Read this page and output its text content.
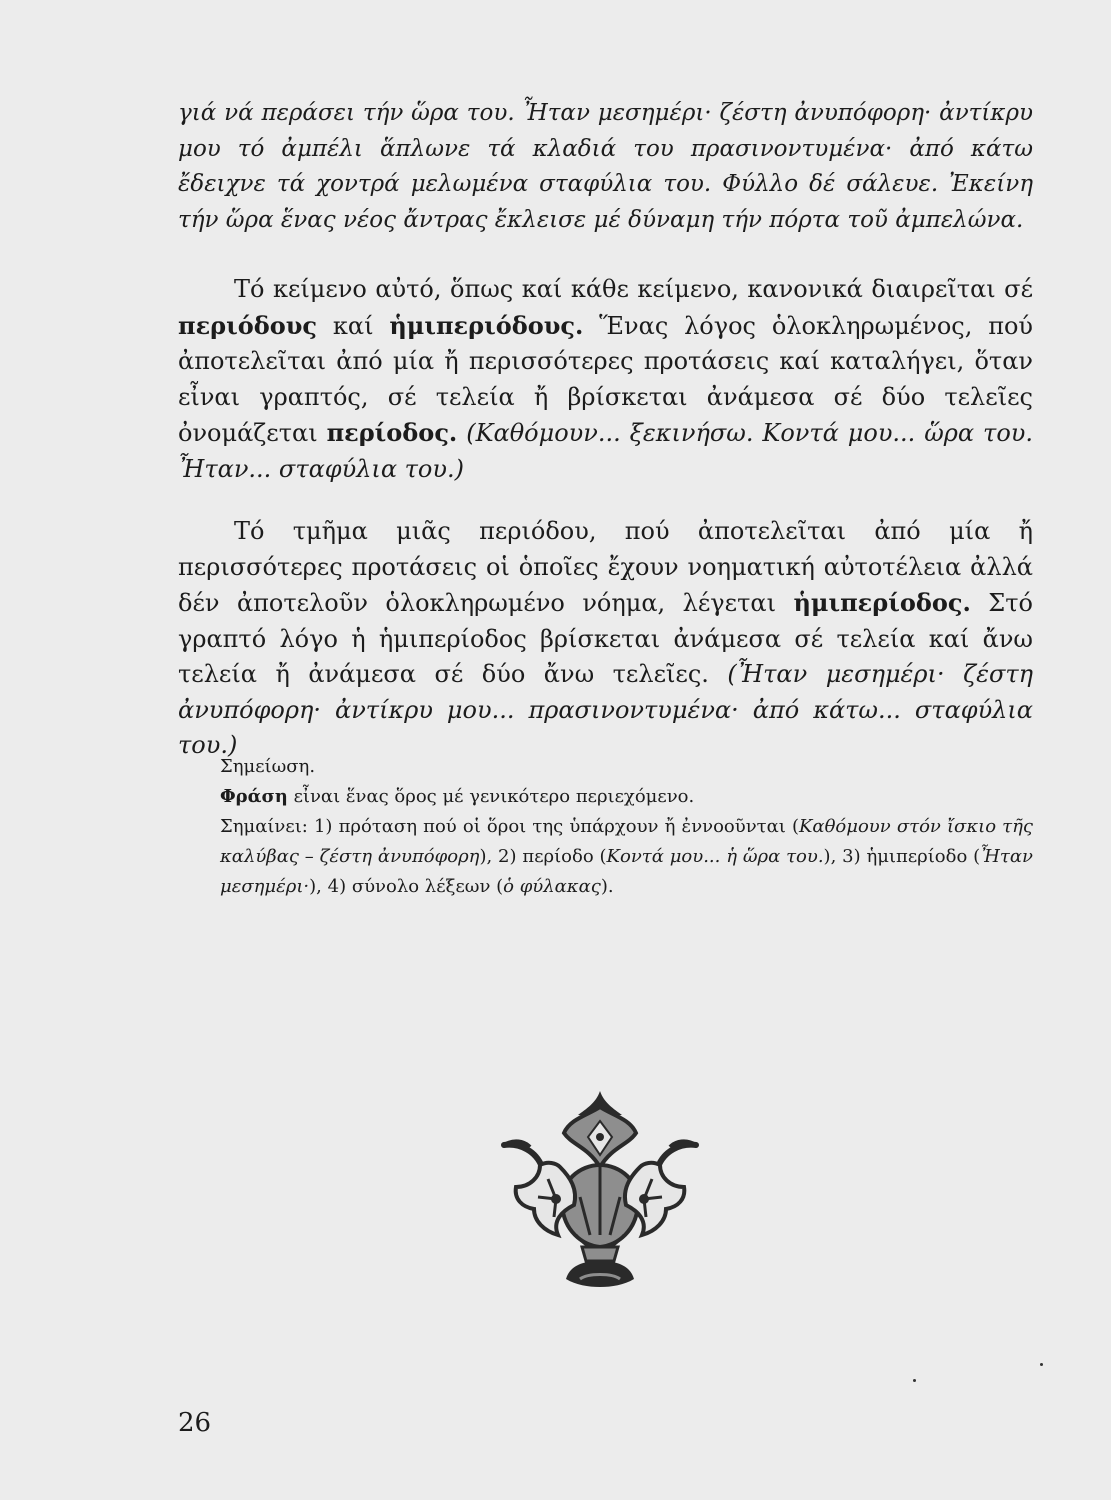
γιά νά περάσει τήν ὥρα του. Ἦταν μεσημέρι· ζέστη ἀνυπόφορη· ἀντίκρυ μου τό ἀμπέλι ἅπλωνε τά κλαδιά του πρασινοντυμένα· ἀπό κάτω ἔδειχνε τά χοντρά μελωμένα σταφύλια του. Φύλλο δέ σάλευε. Ἐκείνη τήν ὥρα ἕνας νέος ἄντρας ἔκλεισε μέ δύναμη τήν πόρτα τοῦ ἀμπελώνα.
Τό κείμενο αὐτό, ὅπως καί κάθε κείμενο, κανονικά διαιρεῖται σέ περιόδους καί ἡμιπεριόδους. Ἕνας λόγος ὁλοκληρωμένος, πού ἀποτελεῖται ἀπό μία ἤ περισσότερες προτάσεις καί καταλήγει, ὅταν εἶναι γραπτός, σέ τελεία ἤ βρίσκεται ἀνάμεσα σέ δύο τελεῖες ὀνομάζεται περίοδος. (Καθόμουν... ξεκινήσω. Κοντά μου... ὥρα του. Ἦταν... σταφύλια του.)
Τό τμῆμα μιᾶς περιόδου, πού ἀποτελεῖται ἀπό μία ἤ περισσότερες προτάσεις οἱ ὁποῖες ἔχουν νοηματική αὐτοτέλεια ἀλλά δέν ἀποτελοῦν ὁλοκληρωμένο νόημα, λέγεται ἡμιπερίοδος. Στό γραπτό λόγο ἡ ἡμιπερίοδος βρίσκεται ἀνάμεσα σέ τελεία καί ἄνω τελεία ἤ ἀνάμεσα σέ δύο ἄνω τελεῖες. (Ἦταν μεσημέρι· ζέστη ἀνυπόφορη· ἀντίκρυ μου... πρασινοντυμένα· ἀπό κάτω... σταφύλια του.)
Σημείωση.
Φράση εἶναι ἕνας ὅρος μέ γενικότερο περιεχόμενο.
Σημαίνει: 1) πρόταση πού οἱ ὅροι της ὑπάρχουν ἤ ἐννοοῦνται (Καθόμουν στόν ἴσκιο τῆς καλύβας – ζέστη ἀνυπόφορη), 2) περίοδο (Κοντά μου... ἡ ὥρα του.), 3) ἡμιπερίοδο (Ἦταν μεσημέρι·), 4) σύνολο λέξεων (ὁ φύλακας).
26
